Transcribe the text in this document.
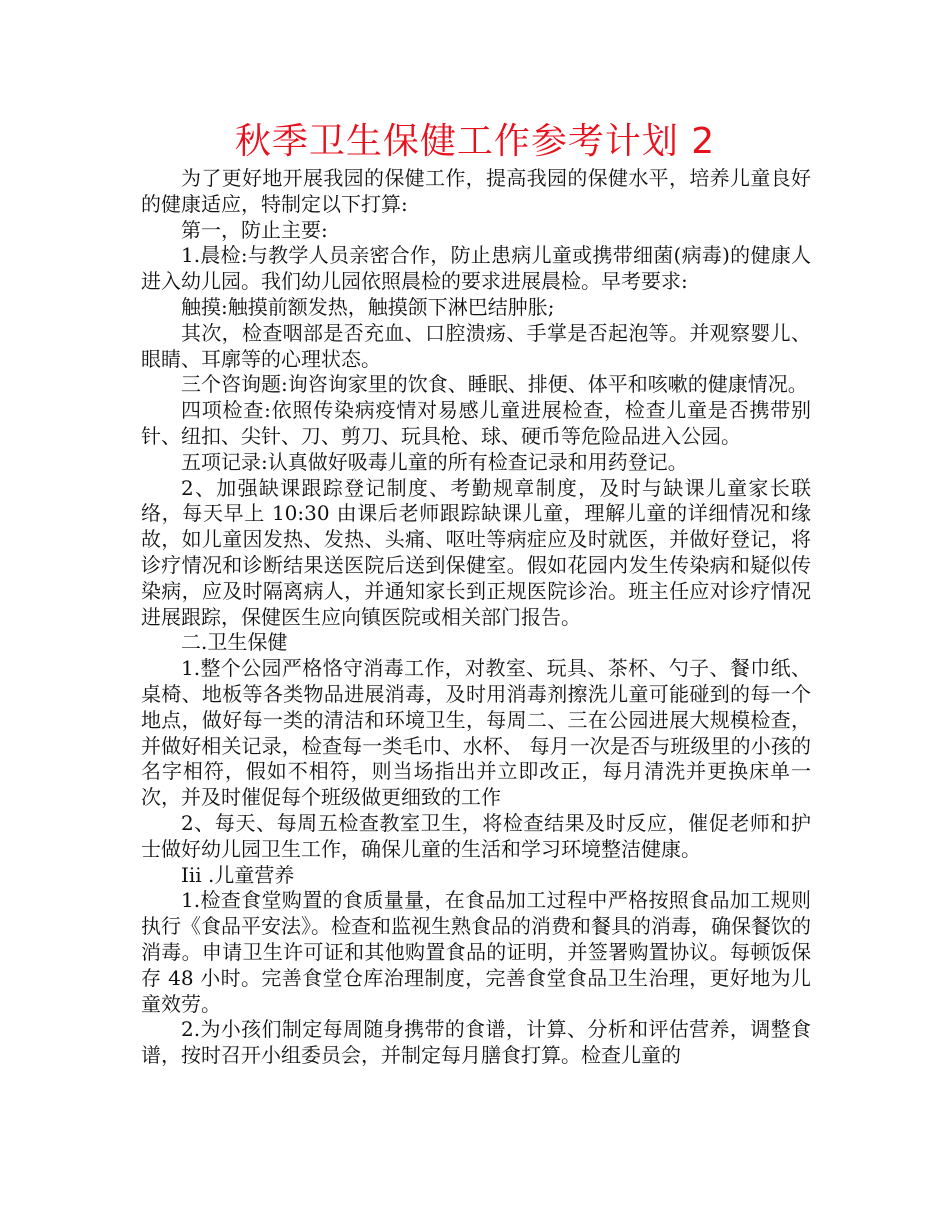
秋季卫生保健工作参考计划 2

为了更好地开展我园的保健工作，提高我园的保健水平，培养儿童良好的健康适应，特制定以下打算:

第一，防止主要:

1.晨检:与教学人员亲密合作，防止患病儿童或携带细菌(病毒)的健康人进入幼儿园。我们幼儿园依照晨检的要求进展晨检。早考要求:

触摸:触摸前额发热，触摸颌下淋巴结肿胀;

其次，检查咽部是否充血、口腔溃疡、手掌是否起泡等。并观察婴儿、眼睛、耳廓等的心理状态。

三个咨询题:询咨询家里的饮食、睡眠、排便、体平和咳嗽的健康情况。

四项检查:依照传染病疫情对易感儿童进展检查，检查儿童是否携带别针、纽扣、尖针、刀、剪刀、玩具枪、球、硬币等危险品进入公园。

五项记录:认真做好吸毒儿童的所有检查记录和用药登记。

2、加强缺课跟踪登记制度、考勤规章制度，及时与缺课儿童家长联络，每天早上 10:30 由课后老师跟踪缺课儿童，理解儿童的详细情况和缘故，如儿童因发热、发热、头痛、呕吐等病症应及时就医，并做好登记，将诊疗情况和诊断结果送医院后送到保健室。假如花园内发生传染病和疑似传染病，应及时隔离病人，并通知家长到正规医院诊治。班主任应对诊疗情况进展跟踪，保健医生应向镇医院或相关部门报告。

二.卫生保健

1.整个公园严格恪守消毒工作，对教室、玩具、茶杯、勺子、餐巾纸、桌椅、地板等各类物品进展消毒，及时用消毒剂擦洗儿童可能碰到的每一个地点，做好每一类的清洁和环境卫生，每周二、三在公园进展大规模检查，并做好相关记录，检查每一类毛巾、水杯、 每月一次是否与班级里的小孩的名字相符，假如不相符，则当场指出并立即改正，每月清洗并更换床单一次，并及时催促每个班级做更细致的工作

2、每天、每周五检查教室卫生，将检查结果及时反应，催促老师和护士做好幼儿园卫生工作，确保儿童的生活和学习环境整洁健康。

Iii .儿童营养

1.检查食堂购置的食质量量，在食品加工过程中严格按照食品加工规则执行《食品平安法》。检查和监视生熟食品的消费和餐具的消毒，确保餐饮的消毒。申请卫生许可证和其他购置食品的证明，并签署购置协议。每顿饭保存 48 小时。完善食堂仓库治理制度，完善食堂食品卫生治理，更好地为儿童效劳。

2.为小孩们制定每周随身携带的食谱，计算、分析和评估营养，调整食谱，按时召开小组委员会，并制定每月膳食打算。检查儿童的
